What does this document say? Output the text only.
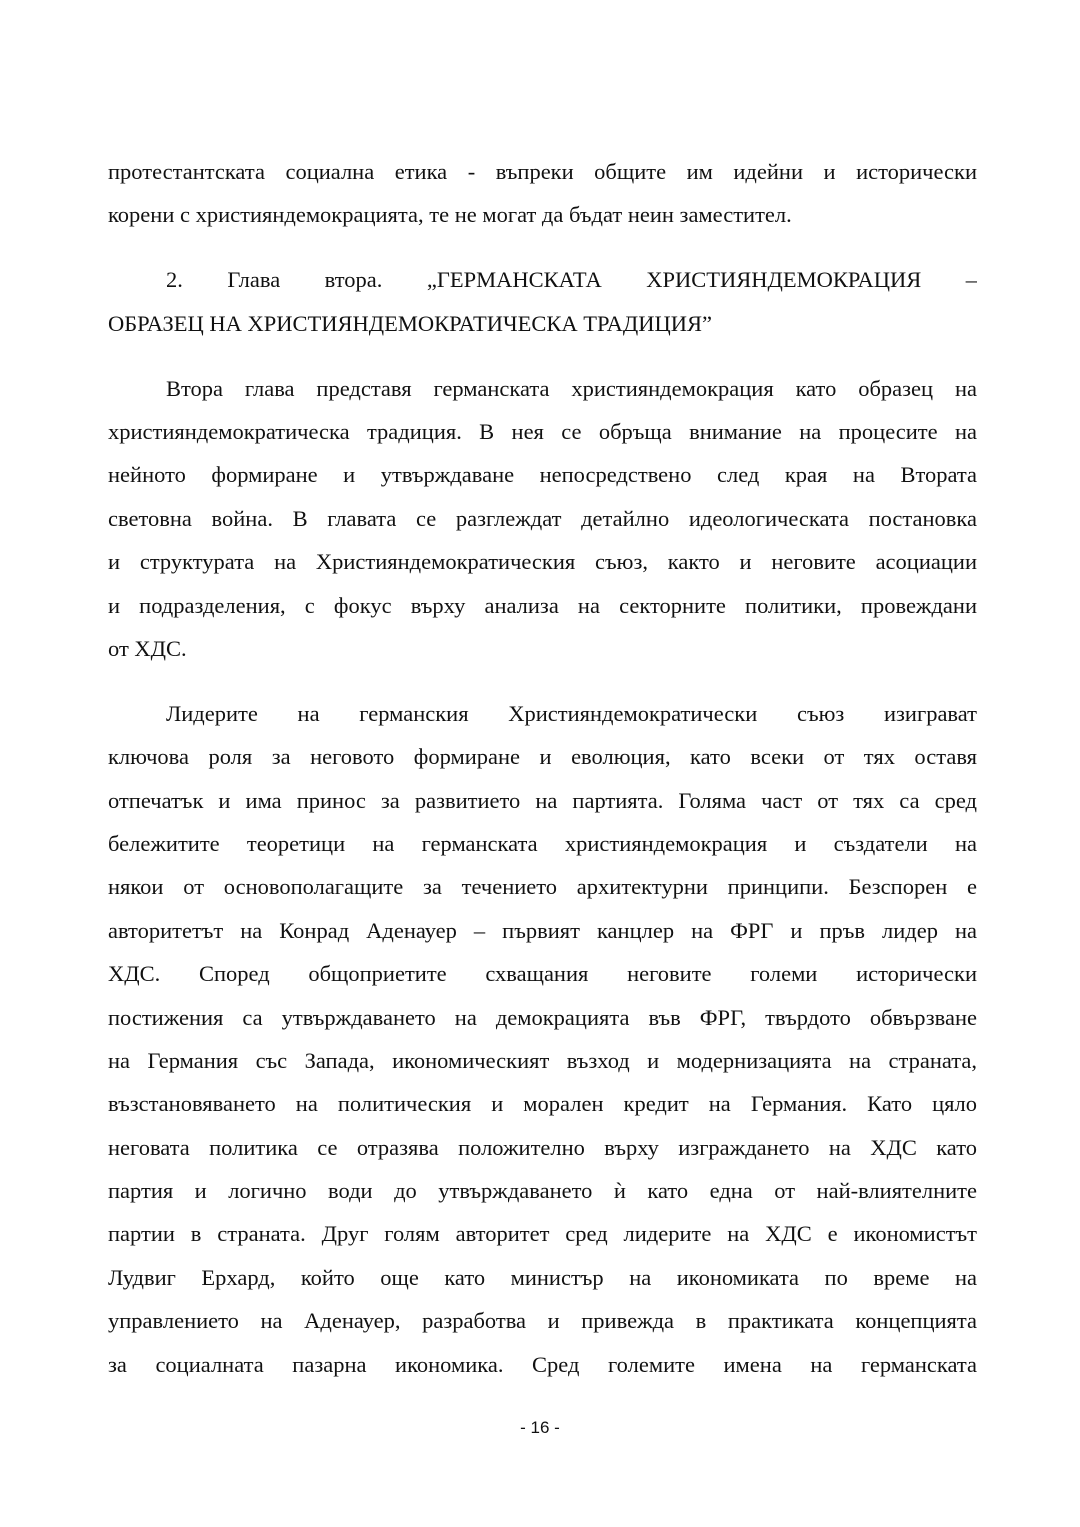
протестантската социална етика - въпреки общите им идейни и исторически
корени с християндемокрацията, те не могат да бъдат неин заместител.
2. Глава втора. „ГЕРМАНСКАТА ХРИСТИЯНДЕМОКРАЦИЯ –
ОБРАЗЕЦ НА ХРИСТИЯНДЕМОКРАТИЧЕСКА ТРАДИЦИЯ”
Втора глава представя германската християндемокрация като образец на
християндемократическа традиция. В нея се обръща внимание на процесите на
нейното формиране и утвърждаване непосредствено след края на Втората
световна война. В главата се разглеждат детайлно идеологическата постановка
и структурата на Християндемократическия съюз, както и неговите асоциации
и подразделения, с фокус върху анализа на секторните политики, провеждани
от ХДС.
Лидерите на германския Християндемократически съюз изиграват
ключова роля за неговото формиране и еволюция, като всеки от тях оставя
отпечатък и има принос за развитието на партията. Голяма част от тях са сред
бележитите теоретици на германската християндемокрация и създатели на
някои от основополагащите за течението архитектурни принципи. Безспорен е
авторитетът на Конрад Аденауер – първият канцлер на ФРГ и пръв лидер на
ХДС. Според общоприетите схващания неговите големи исторически
постижения са утвърждаването на демокрацията във ФРГ, твърдото обвързване
на Германия със Запада, икономическият възход и модернизацията на страната,
възстановяването на политическия и морален кредит на Германия. Като цяло
неговата политика се отразява положително върху изграждането на ХДС като
партия и логично води до утвърждаването ѝ като една от най-влиятелните
партии в страната. Друг голям авторитет сред лидерите на ХДС е икономистът
Лудвиг Ерхард, който още като министър на икономиката по време на
управлението на Аденауер, разработва и привежда в практиката концепцията
за социалната пазарна икономика. Сред големите имена на германската
- 16 -
